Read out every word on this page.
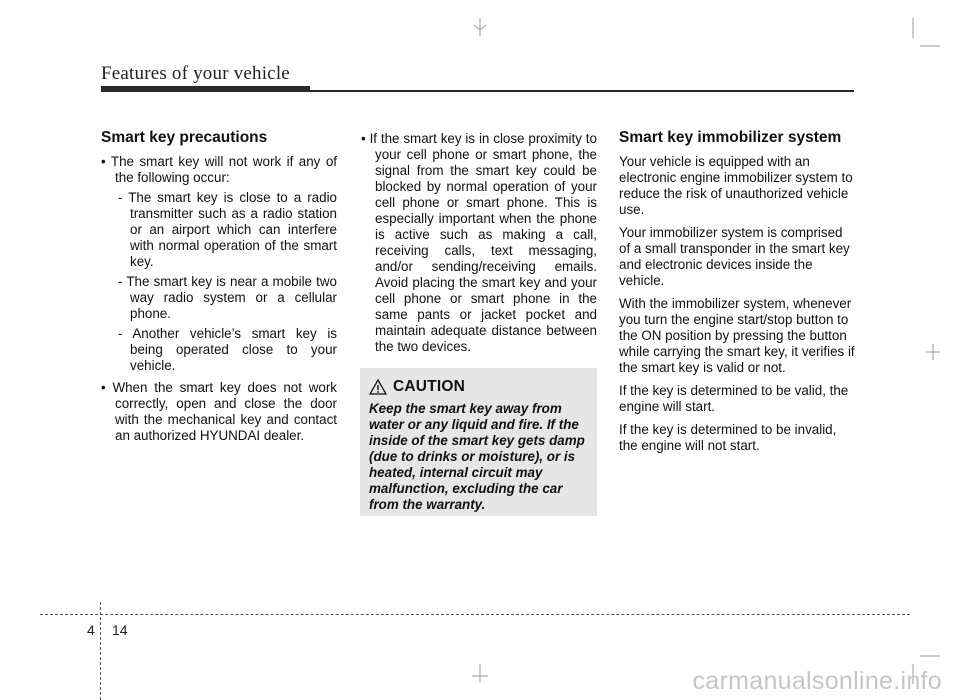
Features of your vehicle
Smart key precautions

• The smart key will not work if any of the following occur:

- The smart key is close to a radio transmitter such as a radio station or an airport which can interfere with normal operation of the smart key.

- The smart key is near a mobile two way radio system or a cellular phone.

- Another vehicle’s smart key is being operated close to your vehicle.

• When the smart key does not work correctly, open and close the door with the mechanical key and contact an authorized HYUNDAI dealer.

• If the smart key is in close proximity to your cell phone or smart phone, the signal from the smart key could be blocked by normal operation of your cell phone or smart phone. This is especially important when the phone is active such as making a call, receiving calls, text messaging, and/or sending/receiving emails. Avoid placing the smart key and your cell phone or smart phone in the same pants or jacket pocket and maintain adequate distance between the two devices.

CAUTION

Keep the smart key away from water or any liquid and fire. If the inside of the smart key gets damp (due to drinks or moisture), or is heated, internal circuit may malfunction, excluding the car from the warranty.

Smart key immobilizer system

Your vehicle is equipped with an electronic engine immobilizer system to reduce the risk of unauthorized vehicle use.

Your immobilizer system is comprised of a small transponder in the smart key and electronic devices inside the vehicle.

With the immobilizer system, whenever you turn the engine start/stop button to the ON position by pressing the button while carrying the smart key, it verifies if the smart key is valid or not.

If the key is determined to be valid, the engine will start.

If the key is determined to be invalid, the engine will not start.

4 14
carmanualsonline.info
